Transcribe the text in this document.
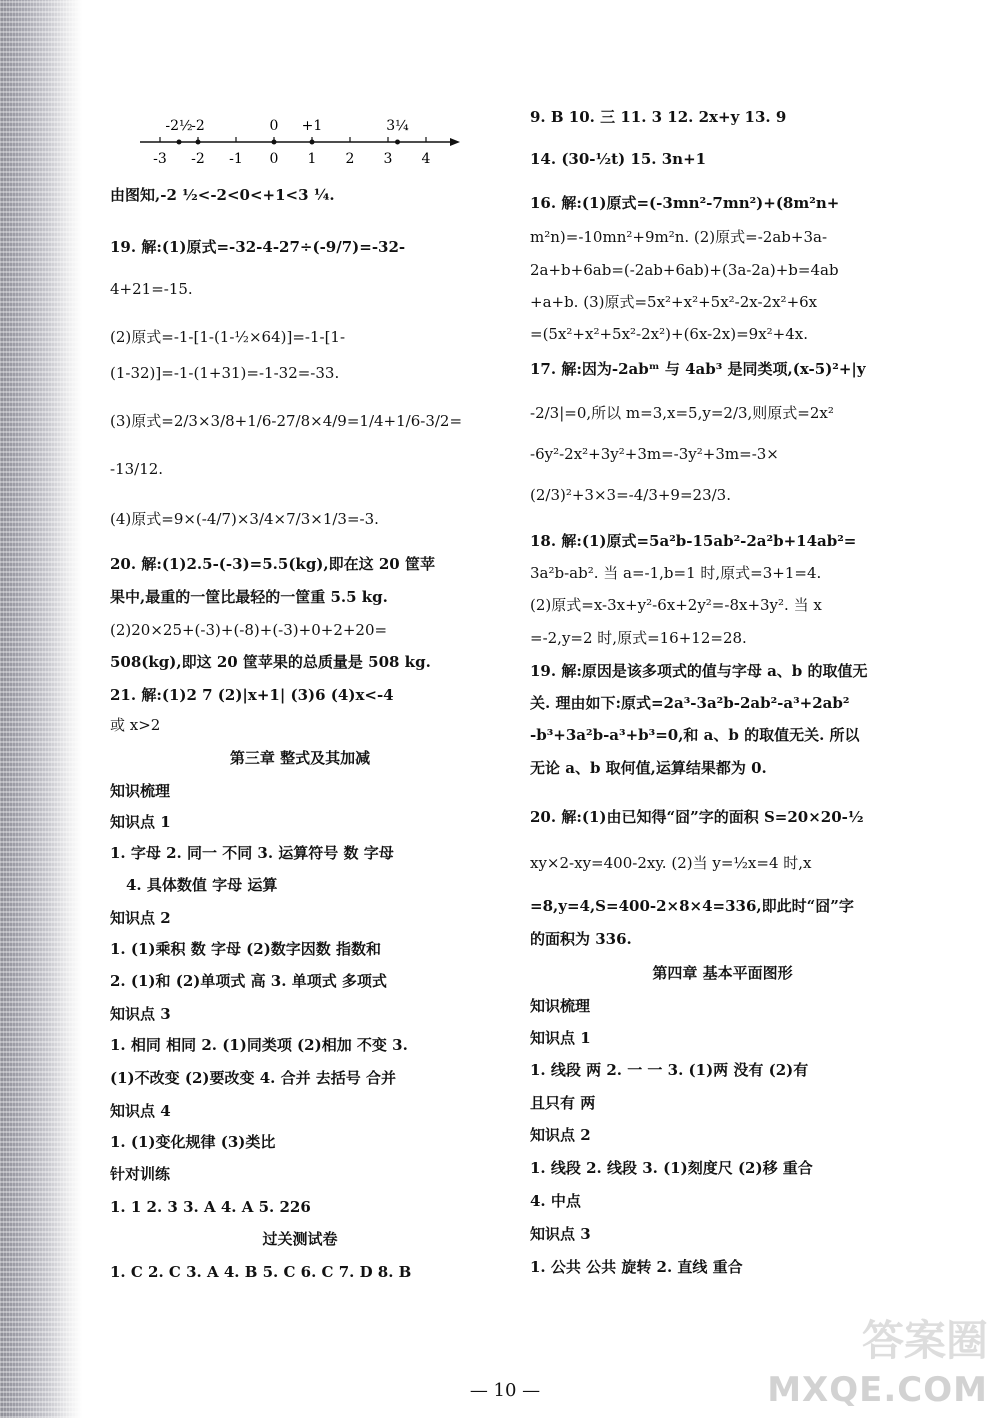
-3 -2 -1 0 1 2 3 4
-2½
-2	0 +1	3¼
由图知,-2 ½<-2<0<+1<3 ¼.
19. 解:(1)原式=-32-4-27÷(-9/7)=-32-
4+21=-15.
(2)原式=-1-[1-(1-½×64)]=-1-[1-
(1-32)]=-1-(1+31)=-1-32=-33.
(3)原式=2/3×3/8+1/6-27/8×4/9=1/4+1/6-3/2=
-13/12.
(4)原式=9×(-4/7)×3/4×7/3×1/3=-3.
20. 解:(1)2.5-(-3)=5.5(kg),即在这 20 筐苹
果中,最重的一筐比最轻的一筐重 5.5 kg.
(2)20×25+(-3)+(-8)+(-3)+0+2+20=
508(kg),即这 20 筐苹果的总质量是 508 kg.
21. 解:(1)2 7 (2)|x+1| (3)6 (4)x<-4
或 x>2
第三章 整式及其加减
知识梳理
知识点 1
1. 字母 2. 同一 不同 3. 运算符号 数 字母
4. 具体数值 字母 运算
知识点 2
1. (1)乘积 数 字母 (2)数字因数 指数和
2. (1)和 (2)单项式 高 3. 单项式 多项式
知识点 3
1. 相同 相同 2. (1)同类项 (2)相加 不变 3.
(1)不改变 (2)要改变 4. 合并 去括号 合并
知识点 4
1. (1)变化规律 (3)类比
针对训练
1. 1 2. 3 3. A 4. A 5. 226
过关测试卷
1. C 2. C 3. A 4. B 5. C 6. C 7. D 8. B
9. B 10. 三 11. 3 12. 2x+y 13. 9
14. (30-½t) 15. 3n+1
16. 解:(1)原式=(-3mn²-7mn²)+(8m²n+
m²n)=-10mn²+9m²n. (2)原式=-2ab+3a-
2a+b+6ab=(-2ab+6ab)+(3a-2a)+b=4ab
+a+b. (3)原式=5x²+x²+5x²-2x-2x²+6x
=(5x²+x²+5x²-2x²)+(6x-2x)=9x²+4x.
17. 解:因为-2abᵐ 与 4ab³ 是同类项,(x-5)²+|y
-2/3|=0,所以 m=3,x=5,y=2/3,则原式=2x²
-6y²-2x²+3y²+3m=-3y²+3m=-3×
(2/3)²+3×3=-4/3+9=23/3.
18. 解:(1)原式=5a²b-15ab²-2a²b+14ab²=
3a²b-ab². 当 a=-1,b=1 时,原式=3+1=4.
(2)原式=x-3x+y²-6x+2y²=-8x+3y². 当 x
=-2,y=2 时,原式=16+12=28.
19. 解:原因是该多项式的值与字母 a、b 的取值无
关. 理由如下:原式=2a³-3a²b-2ab²-a³+2ab²
-b³+3a²b-a³+b³=0,和 a、b 的取值无关. 所以
无论 a、b 取何值,运算结果都为 0.
20. 解:(1)由已知得“囧”字的面积 S=20×20-½
xy×2-xy=400-2xy. (2)当 y=½x=4 时,x
=8,y=4,S=400-2×8×4=336,即此时“囧”字
的面积为 336.
第四章 基本平面图形
知识梳理
知识点 1
1. 线段 两 2. 一 一 3. (1)两 没有 (2)有
且只有 两
知识点 2
1. 线段 2. 线段 3. (1)刻度尺 (2)移 重合
4. 中点
知识点 3
1. 公共 公共 旋转 2. 直线 重合
— 10 —
答案圈
MXQE.COM
